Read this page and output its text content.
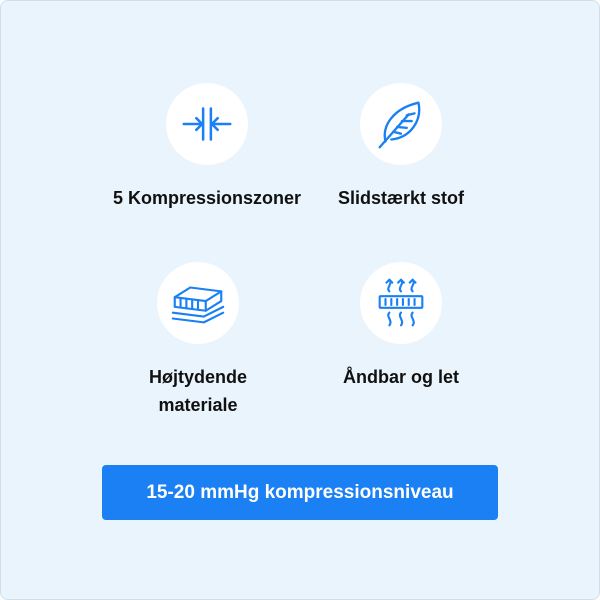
5 Kompressionszoner	Slidstærkt stof
Højtydende materiale
Åndbar og let
15-20 mmHg kompressionsniveau
